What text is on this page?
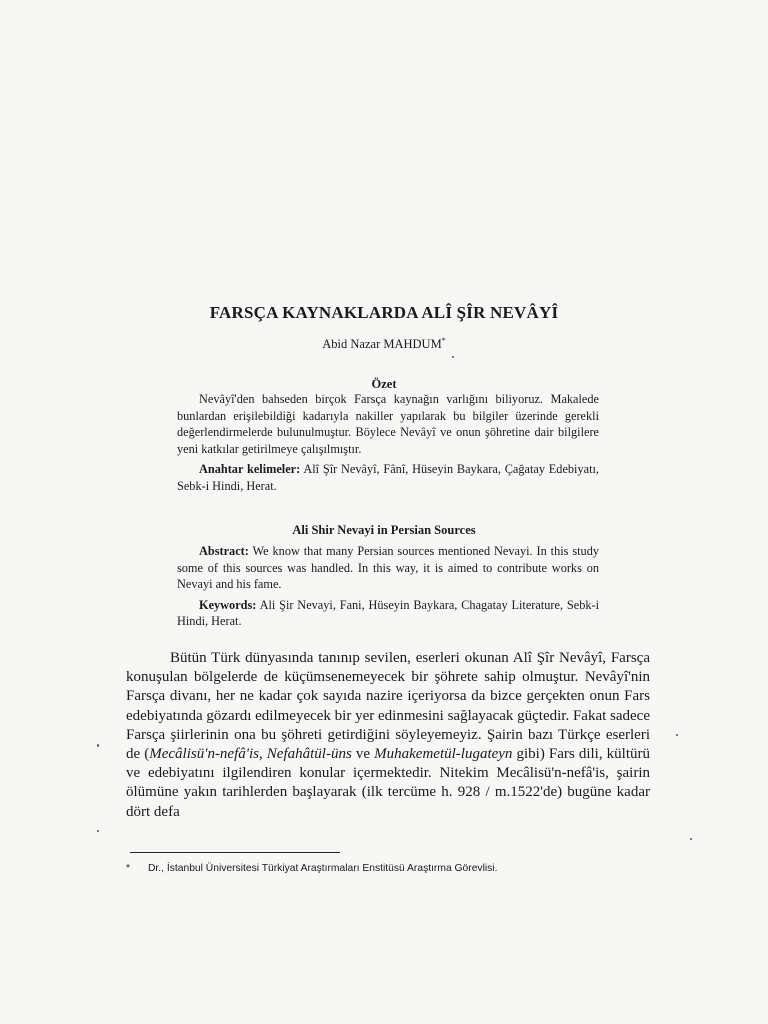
FARSÇA KAYNAKLARDA ALÎ ŞÎR NEVÂYÎ
Abid Nazar MAHDUM*
Özet

Nevâyî'den bahseden birçok Farsça kaynağın varlığını biliyoruz. Makalede bunlardan erişilebildiği kadarıyla nakiller yapılarak bu bilgiler üzerinde gerekli değerlendirmelerde bulunulmuştur. Böylece Nevâyî ve onun şöhretine dair bilgilere yeni katkılar getirilmeye çalışılmıştır.

Anahtar kelimeler: Alî Şîr Nevâyî, Fânî, Hüseyin Baykara, Çağatay Edebiyatı, Sebk-i Hindi, Herat.

Ali Shir Nevayi in Persian Sources

Abstract: We know that many Persian sources mentioned Nevayi. In this study some of this sources was handled. In this way, it is aimed to contribute works on Nevayi and his fame.

Keywords: Ali Şir Nevayi, Fani, Hüseyin Baykara, Chagatay Literature, Sebk-i Hindi, Herat.

Bütün Türk dünyasında tanınıp sevilen, eserleri okunan Alî Şîr Nevâyî, Farsça konuşulan bölgelerde de küçümsenemeyecek bir şöhrete sahip olmuştur. Nevâyî'nin Farsça divanı, her ne kadar çok sayıda nazire içeriyorsa da bizce gerçekten onun Fars edebiyatında gözardı edilmeyecek bir yer edinmesini sağlayacak güçtedir. Fakat sadece Farsça şiirlerinin ona bu şöhreti getirdiğini söyleyemeyiz. Şairin bazı Türkçe eserleri de (Mecâlisü'n-nefâ'is, Nefahâtül-üns ve Muhakemetül-lugateyn gibi) Fars dili, kültürü ve edebiyatını ilgilendiren konular içermektedir. Nitekim Mecâlisü'n-nefâ'is, şairin ölümüne yakın tarihlerden başlayarak (ilk tercüme h. 928 / m.1522'de) bugüne kadar dört defa

* Dr., İstanbul Üniversitesi Türkiyat Araştırmaları Enstitüsü Araştırma Görevlisi.
